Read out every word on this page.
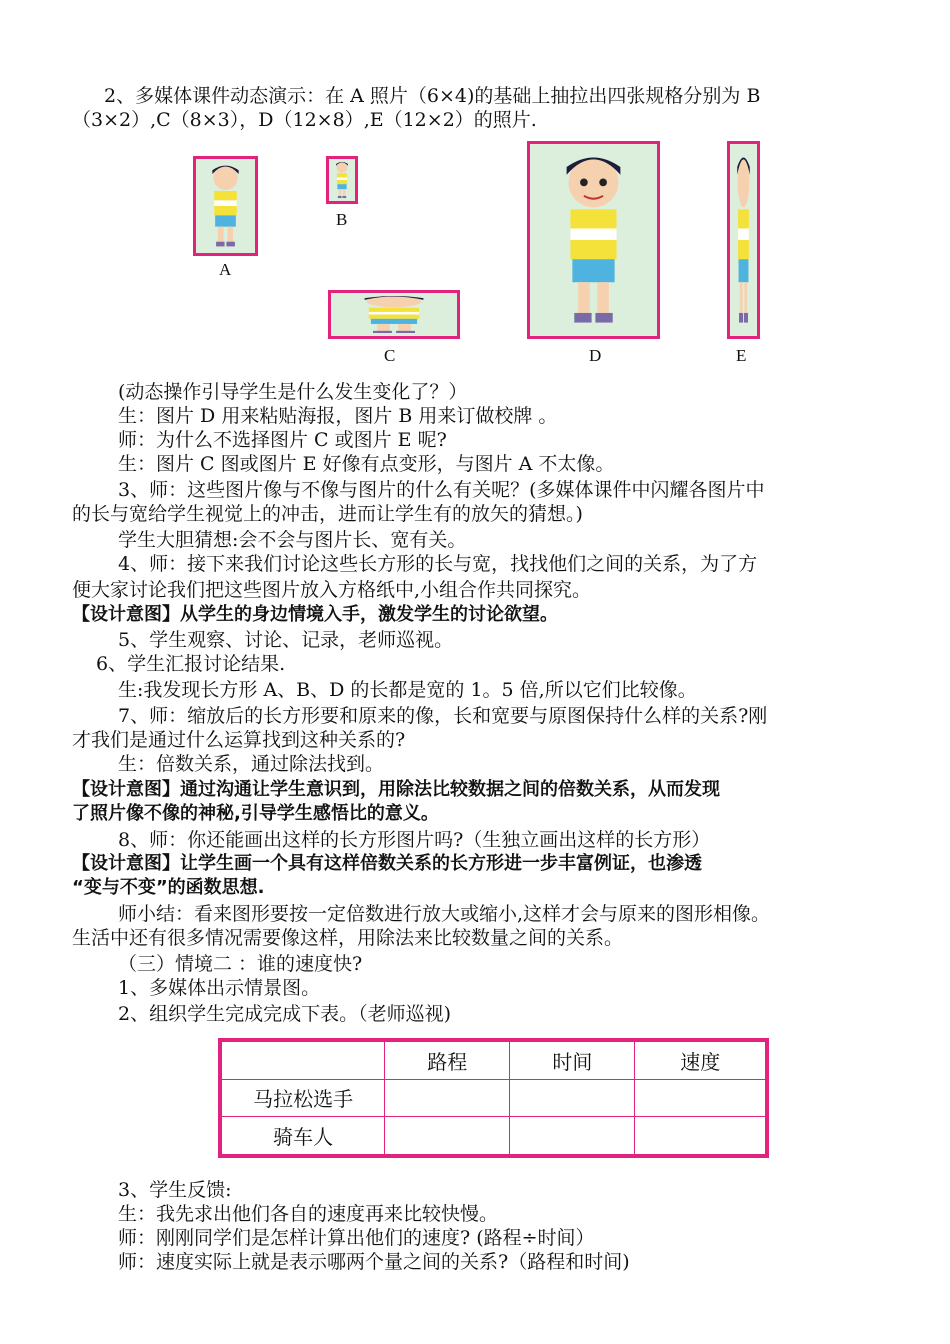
2、多媒体课件动态演示：在 A 照片（6×4)的基础上抽拉出四张规格分别为 B
（3×2）,C（8×3），D（12×8）,E（12×2）的照片.
A
B
C	D	E
(动态操作引导学生是什么发生变化了？）
生：图片 D 用来粘贴海报，图片 B 用来订做校牌 。
师：为什么不选择图片 C 或图片 E 呢?
生：图片 C 图或图片 E 好像有点变形，与图片 A 不太像。
3、师：这些图片像与不像与图片的什么有关呢？(多媒体课件中闪耀各图片中
的长与宽给学生视觉上的冲击，进而让学生有的放矢的猜想。)
学生大胆猜想:会不会与图片长、宽有关。
4、师：接下来我们讨论这些长方形的长与宽，找找他们之间的关系，为了方
便大家讨论我们把这些图片放入方格纸中,小组合作共同探究。
【设计意图】从学生的身边情境入手，激发学生的讨论欲望。
5、学生观察、讨论、记录，老师巡视。
6、学生汇报讨论结果.
生:我发现长方形 A、B、D 的长都是宽的 1。5 倍,所以它们比较像。
7、师：缩放后的长方形要和原来的像，长和宽要与原图保持什么样的关系?刚
才我们是通过什么运算找到这种关系的?
生：倍数关系，通过除法找到。
【设计意图】通过沟通让学生意识到，用除法比较数据之间的倍数关系，从而发现
了照片像不像的神秘,引导学生感悟比的意义。
8、师：你还能画出这样的长方形图片吗?（生独立画出这样的长方形）
【设计意图】让学生画一个具有这样倍数关系的长方形进一步丰富例证，也渗透
“变与不变”的函数思想.
师小结：看来图形要按一定倍数进行放大或缩小,这样才会与原来的图形相像。
生活中还有很多情况需要像这样，用除法来比较数量之间的关系。
（三）情境二 ：谁的速度快?
1、多媒体出示情景图。
2、组织学生完成完成下表。（老师巡视)
	路程	时间	速度
马拉松选手			
骑车人			
3、学生反馈:
生：我先求出他们各自的速度再来比较快慢。
师：刚刚同学们是怎样计算出他们的速度? (路程÷时间）
师：速度实际上就是表示哪两个量之间的关系?（路程和时间)
